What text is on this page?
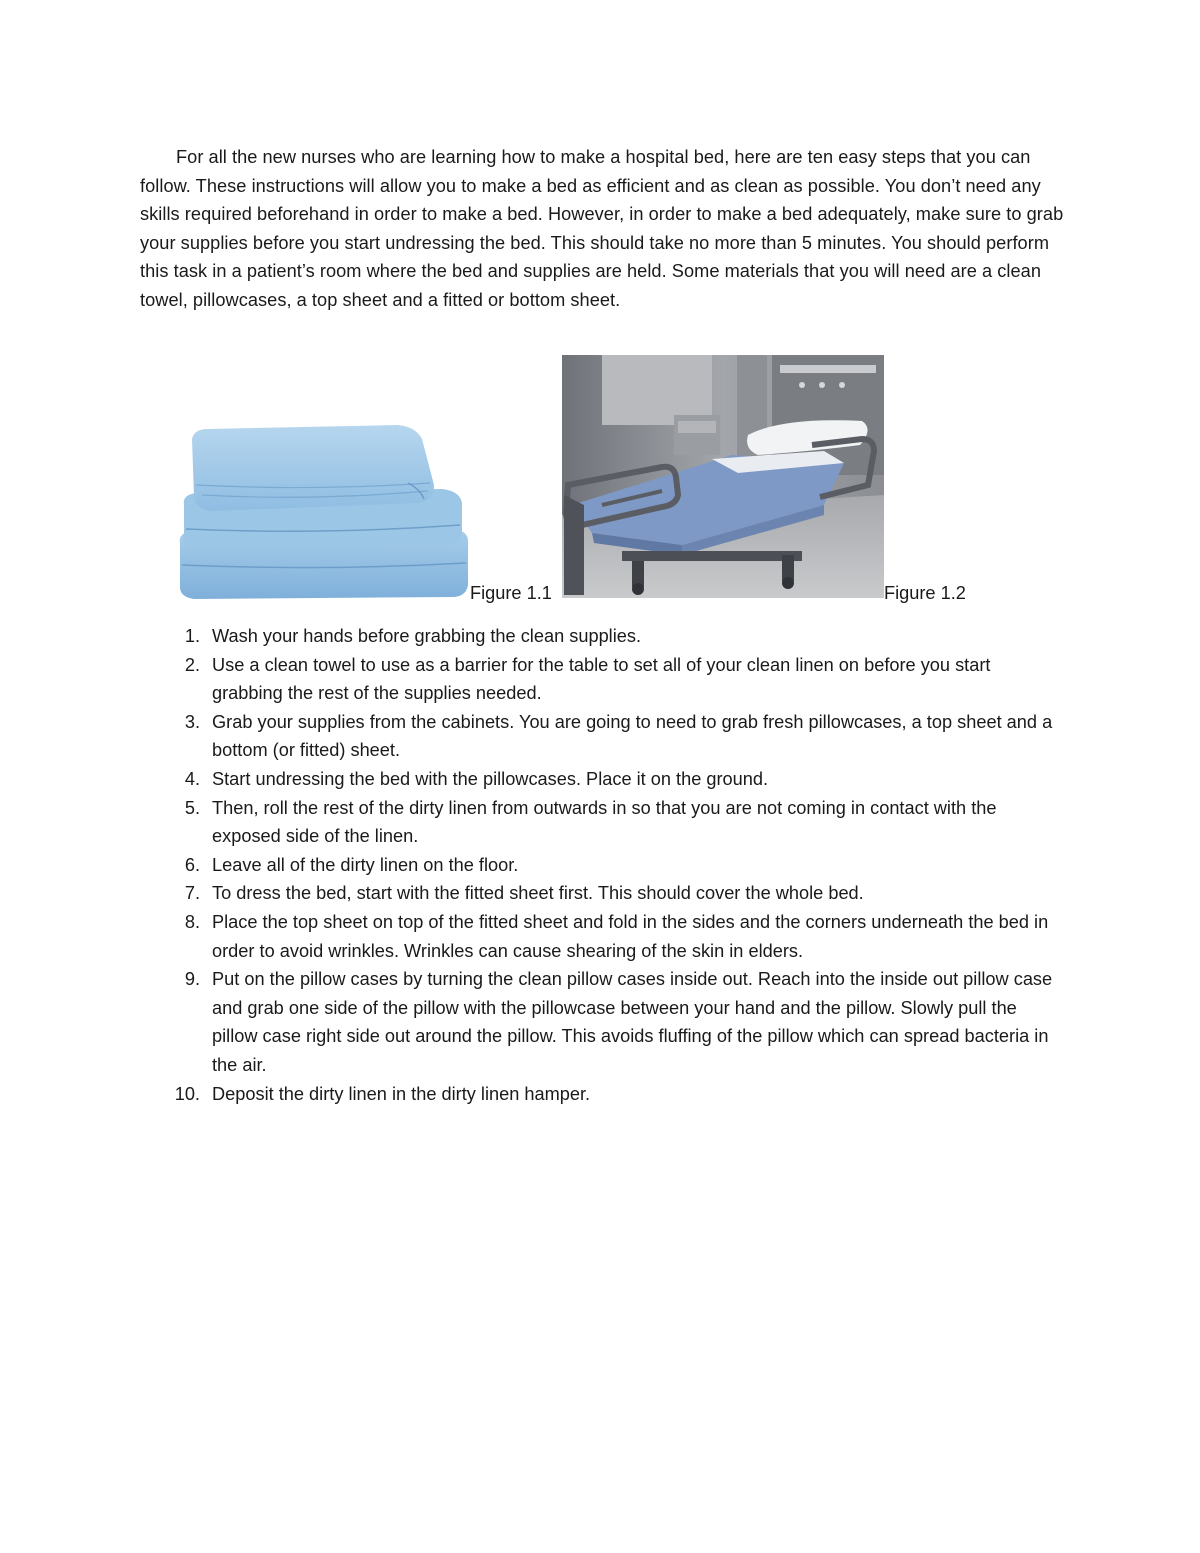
For all the new nurses who are learning how to make a hospital bed, here are ten easy steps that you can follow. These instructions will allow you to make a bed as efficient and as clean as possible. You don’t need any skills required beforehand in order to make a bed. However, in order to make a bed adequately, make sure to grab your supplies before you start undressing the bed. This should take no more than 5 minutes. You should perform this task in a patient’s room where the bed and supplies are held. Some materials that you will need are a clean towel, pillowcases, a top sheet and a fitted or bottom sheet.

Figure 1.1	Figure 1.2
1. Wash your hands before grabbing the clean supplies.
2. Use a clean towel to use as a barrier for the table to set all of your clean linen on before you start grabbing the rest of the supplies needed.
3. Grab your supplies from the cabinets. You are going to need to grab fresh pillowcases, a top sheet and a bottom (or fitted) sheet.
4. Start undressing the bed with the pillowcases. Place it on the ground.
5. Then, roll the rest of the dirty linen from outwards in so that you are not coming in contact with the exposed side of the linen.
6. Leave all of the dirty linen on the floor.
7. To dress the bed, start with the fitted sheet first. This should cover the whole bed.
8. Place the top sheet on top of the fitted sheet and fold in the sides and the corners underneath the bed in order to avoid wrinkles. Wrinkles can cause shearing of the skin in elders.
9. Put on the pillow cases by turning the clean pillow cases inside out. Reach into the inside out pillow case and grab one side of the pillow with the pillowcase between your hand and the pillow. Slowly pull the pillow case right side out around the pillow. This avoids fluffing of the pillow which can spread bacteria in the air.
10. Deposit the dirty linen in the dirty linen hamper.
